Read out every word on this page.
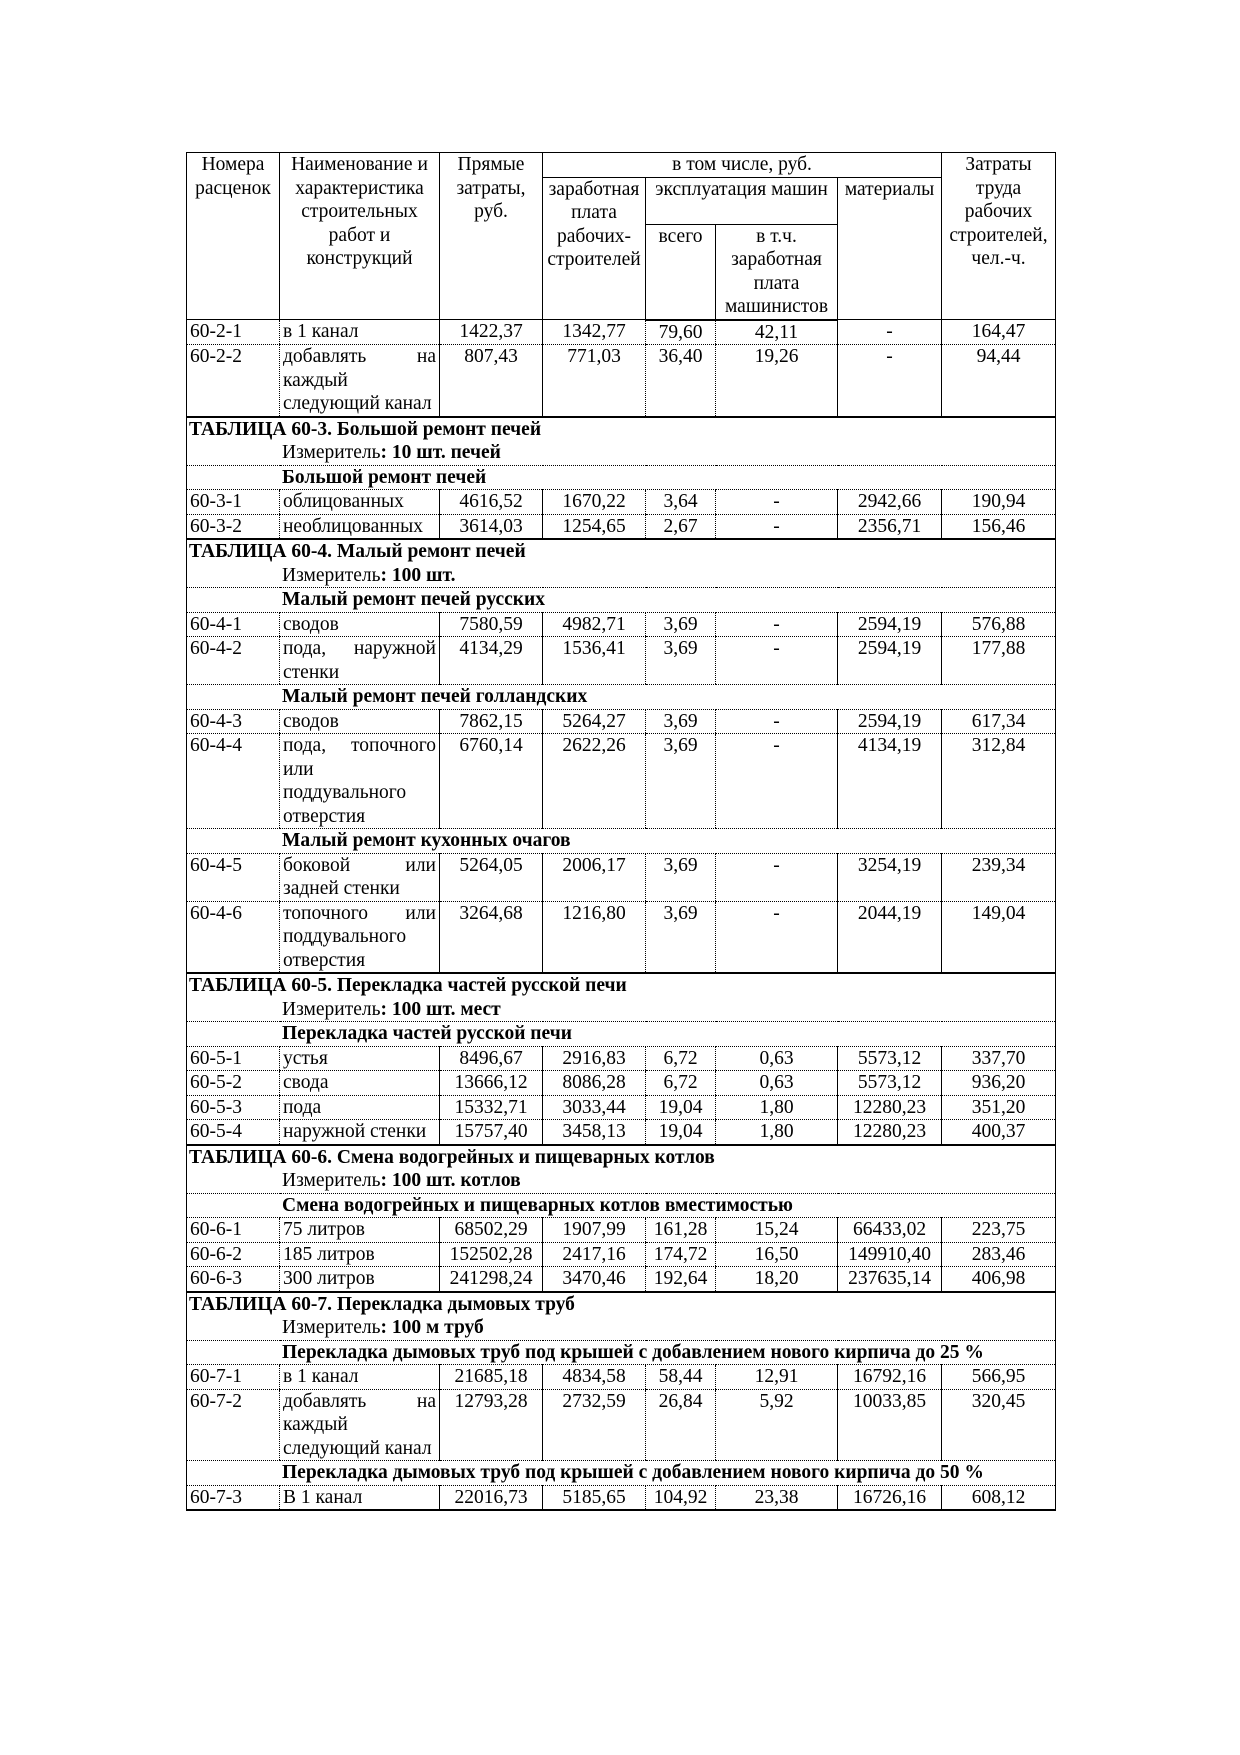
Номера расценок	Наименование и характеристика строительных работ и конструкций	Прямые затраты, руб.	в том числе, руб.				Затраты труда рабочих строителей, чел.-ч.
			заработная плата рабочих-строителей	эксплуатация машин		материалы	
				всего	в т.ч. заработная плата машинистов		
60-2-1	в 1 канал	1422,37	1342,77	79,60	42,11	-	164,47
60-2-2	добавлять на каждый следующий канал	807,43	771,03	36,40	19,26	-	94,44
ТАБЛИЦА 60-3. Большой ремонт печей							
Измеритель: 10 шт. печей							
Большой ремонт печей							
60-3-1	облицованных	4616,52	1670,22	3,64	-	2942,66	190,94
60-3-2	необлицованных	3614,03	1254,65	2,67	-	2356,71	156,46
ТАБЛИЦА 60-4. Малый ремонт печей							
Измеритель: 100 шт.							
Малый ремонт печей русских							
60-4-1	сводов	7580,59	4982,71	3,69	-	2594,19	576,88
60-4-2	пода, наружной стенки	4134,29	1536,41	3,69	-	2594,19	177,88
Малый ремонт печей голландских							
60-4-3	сводов	7862,15	5264,27	3,69	-	2594,19	617,34
60-4-4	пода, топочного или поддувального отверстия	6760,14	2622,26	3,69	-	4134,19	312,84
Малый ремонт кухонных очагов							
60-4-5	боковой или задней стенки	5264,05	2006,17	3,69	-	3254,19	239,34
60-4-6	топочного или поддувального отверстия	3264,68	1216,80	3,69	-	2044,19	149,04
ТАБЛИЦА 60-5. Перекладка частей русской печи							
Измеритель: 100 шт. мест							
Перекладка частей русской печи							
60-5-1	устья	8496,67	2916,83	6,72	0,63	5573,12	337,70
60-5-2	свода	13666,12	8086,28	6,72	0,63	5573,12	936,20
60-5-3	пода	15332,71	3033,44	19,04	1,80	12280,23	351,20
60-5-4	наружной стенки	15757,40	3458,13	19,04	1,80	12280,23	400,37
ТАБЛИЦА 60-6. Смена водогрейных и пищеварных котлов							
Измеритель: 100 шт. котлов							
Смена водогрейных и пищеварных котлов вместимостью							
60-6-1	75 литров	68502,29	1907,99	161,28	15,24	66433,02	223,75
60-6-2	185 литров	152502,28	2417,16	174,72	16,50	149910,40	283,46
60-6-3	300 литров	241298,24	3470,46	192,64	18,20	237635,14	406,98
ТАБЛИЦА 60-7. Перекладка дымовых труб							
Измеритель: 100 м труб							
Перекладка дымовых труб под крышей с добавлением нового кирпича до 25 %							
60-7-1	в 1 канал	21685,18	4834,58	58,44	12,91	16792,16	566,95
60-7-2	добавлять на каждый следующий канал	12793,28	2732,59	26,84	5,92	10033,85	320,45
Перекладка дымовых труб под крышей с добавлением нового кирпича до 50 %							
60-7-3	В 1 канал	22016,73	5185,65	104,92	23,38	16726,16	608,12
